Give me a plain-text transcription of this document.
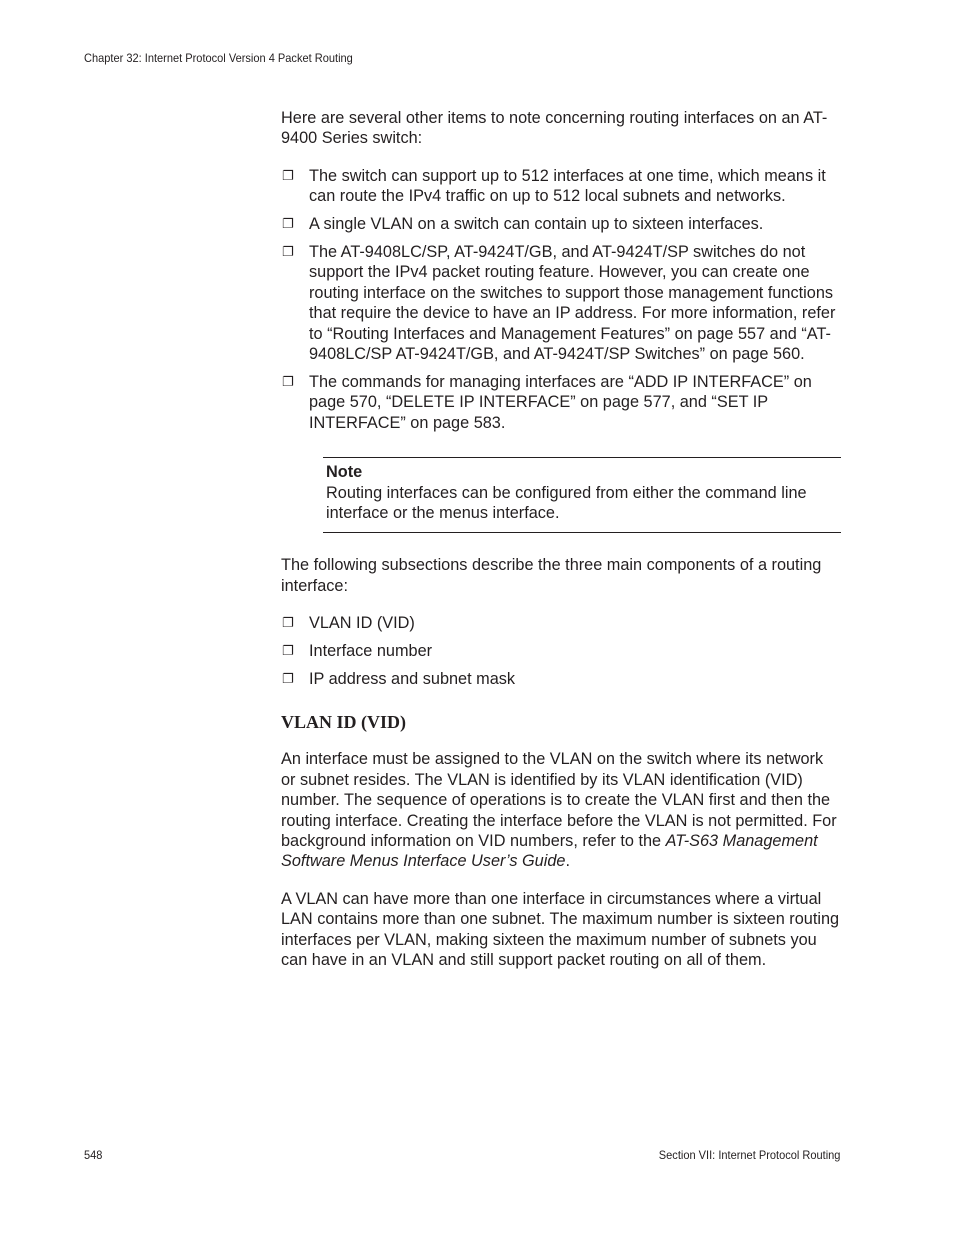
Chapter 32: Internet Protocol Version 4 Packet Routing

Here are several other items to note concerning routing interfaces on an AT-9400 Series switch:

❐ The switch can support up to 512 interfaces at one time, which means it can route the IPv4 traffic on up to 512 local subnets and networks.
❐ A single VLAN on a switch can contain up to sixteen interfaces.
❐ The AT-9408LC/SP, AT-9424T/GB, and AT-9424T/SP switches do not support the IPv4 packet routing feature. However, you can create one routing interface on the switches to support those management functions that require the device to have an IP address. For more information, refer to “Routing Interfaces and Management Features” on page 557 and “AT-9408LC/SP AT-9424T/GB, and AT-9424T/SP Switches” on page 560.
❐ The commands for managing interfaces are “ADD IP INTERFACE” on page 570, “DELETE IP INTERFACE” on page 577, and “SET IP INTERFACE” on page 583.
Note
Routing interfaces can be configured from either the command line interface or the menus interface.

The following subsections describe the three main components of a routing interface:

❐ VLAN ID (VID)
❐ Interface number
❐ IP address and subnet mask
VLAN ID (VID)

An interface must be assigned to the VLAN on the switch where its network or subnet resides. The VLAN is identified by its VLAN identification (VID) number. The sequence of operations is to create the VLAN first and then the routing interface. Creating the interface before the VLAN is not permitted. For background information on VID numbers, refer to the AT-S63 Management Software Menus Interface User’s Guide.

A VLAN can have more than one interface in circumstances where a virtual LAN contains more than one subnet. The maximum number is sixteen routing interfaces per VLAN, making sixteen the maximum number of subnets you can have in an VLAN and still support packet routing on all of them.

548	Section VII: Internet Protocol Routing
